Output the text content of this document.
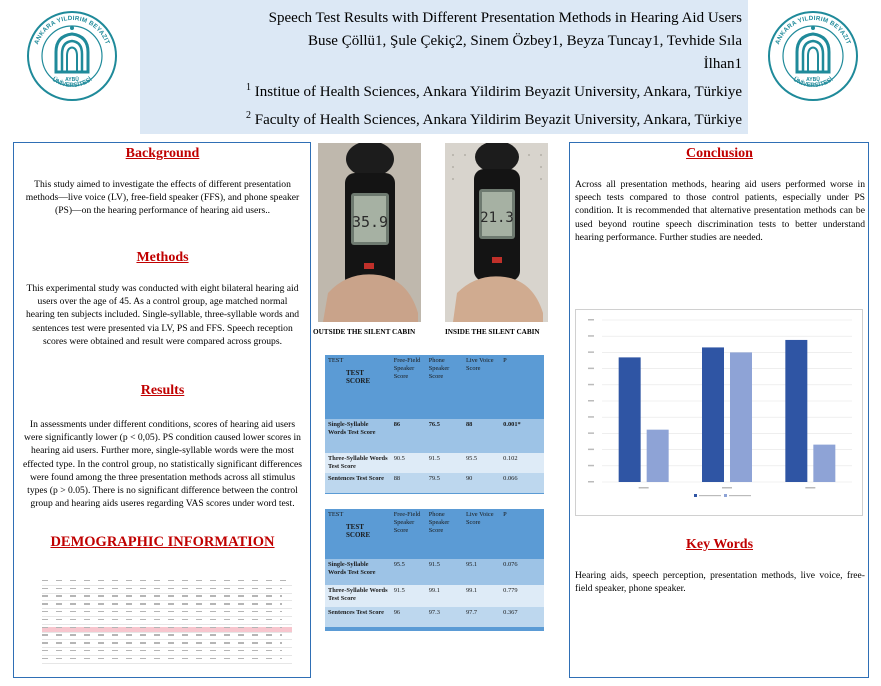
AYBÜ
ANKARA YILDIRIM BEYAZIT
ÜNİVERSİTESİ	AYBÜ
ANKARA YILDIRIM BEYAZIT
ÜNİVERSİTESİ
Speech Test Results with Different Presentation Methods in Hearing Aid Users
Buse Çöllü1, Şule Çekiç2, Sinem Özbey1, Beyza Tuncay1, Tevhide Sıla
İlhan1
$^1$ Institue of Health Sciences, Ankara Yildirim Beyazit University, Ankara, Türkiye
$^2$ Faculty of Health Sciences, Ankara Yildirim Beyazit University, Ankara, Türkiye
Background
This study aimed to investigate the effects of different presentation methods—live voice (LV), free-field speaker (FFS), and phone speaker (PS)—on the hearing performance of hearing aid users..
Methods
This experimental study was conducted with eight bilateral hearing aid users over the age of 45. As a control group, age matched normal hearing ten subjects included. Single-syllable, three-syllable words and sentences test were presented via LV, PS and FFS. Speech reception scores were obtained and result were compared across groups.
Results
In assessments under different conditions, scores of hearing aid users were significantly lower (p < 0,05). PS condition caused lower scores in hearing aid users. Further more, single-syllable words were the most effected type. In the control group, no statistically significant differences were found among the three presentation methods across all stimulus types (p > 0.05). There is no significant difference between the control group and hearing aids useres regarding VAS scores under word test.
DEMOGRAPHIC INFORMATION
35.9	21.3
OUTSIDE THE SILENT CABIN	INSIDE THE SILENT CABIN
TEST
TEST SCORE	Free-Field Speaker Score	Phone Speaker Score	Live Voice Score	P
Single-Syllable Words Test Score	86	76.5	88	0.001*
Three-Syllable Words Test Score	90.5	91.5	95.5	0.102
Sentences Test Score	88	79.5	90	0.066
TEST
TEST SCORE	Free-Field Speaker Score	Phone Speaker Score	Live Voice Score	P
Single-Syllable Words Test Score	95.5	91.5	95.1	0.076
Three-Syllable Words Test Score	91.5	99.1	99.1	0.779
Sentences Test Score	96	97.3	97.7	0.367
Conclusion
Across all presentation methods, hearing aid users performed worse in speech tests compared to those control patients, especially under PS condition. It is recommended that alternative presentation methods can be used beyond routine speech discrimination tests to better understand hearing performance. Further studies are needed.
Key Words
Hearing aids, speech perception, presentation methods, live voice, free-field speaker, phone speaker.
